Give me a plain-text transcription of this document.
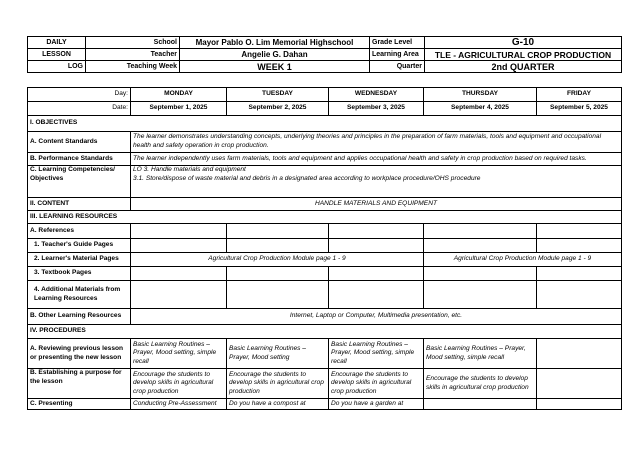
DAILY	School	Mayor Pablo O. Lim Memorial Highschool	Grade Level	G-10
LESSON	Teacher	Angelie G. Dahan	Learning Area	TLE - AGRICULTURAL CROP PRODUCTION
LOG	Teaching Week	WEEK 1	Quarter	2nd QUARTER
Day:	MONDAY	TUESDAY	WEDNESDAY	THURSDAY	FRIDAY
Date:	September 1, 2025	September 2, 2025	September 3, 2025	September 4, 2025	September 5, 2025
I. OBJECTIVES					
A. Content Standards	The learner demonstrates understanding concepts, underlying theories and principles in the preparation of farm materials, tools and equipment and occupational health and safety operation in crop production.				
B. Performance Standards	The learner independently uses farm materials, tools and equipment and applies occupational health and safety in crop production based on required tasks.				
C. Learning Competencies/ Objectives	LO 3. Handle materials and equipment
3.1. Store/dispose of waste material and debris in a designated area according to workplace procedure/OHS procedure				

II. CONTENT	HANDLE MATERIALS AND EQUIPMENT				
III. LEARNING RESOURCES					
A. References					
1. Teacher's Guide Pages					
2. Learner's Material Pages	Agricultural Crop Production Module page 1 - 9			Agricultural Crop Production Module page 1 - 9	
3. Textbook Pages					
4. Additional Materials from Learning Resources					
B. Other Learning Resources	Internet, Laptop or Computer, Multimedia presentation, etc.				
IV. PROCEDURES					
A. Reviewing previous lesson or presenting the new lesson	Basic Learning Routines – Prayer, Mood setting, simple recall	Basic Learning Routines – Prayer, Mood setting	Basic Learning Routines – Prayer, Mood setting, simple recall	Basic Learning Routines – Prayer, Mood setting, simple recall	
B. Establishing a purpose for the lesson	Encourage the students to develop skills in agricultural crop production	Encourage the students to develop skills in agricultural crop production	Encourage the students to develop skills in agricultural crop production	Encourage the students to develop skills in agricultural crop production	
C. Presenting	Conducting Pre-Assessment	Do you have a compost at	Do you have a garden at		
